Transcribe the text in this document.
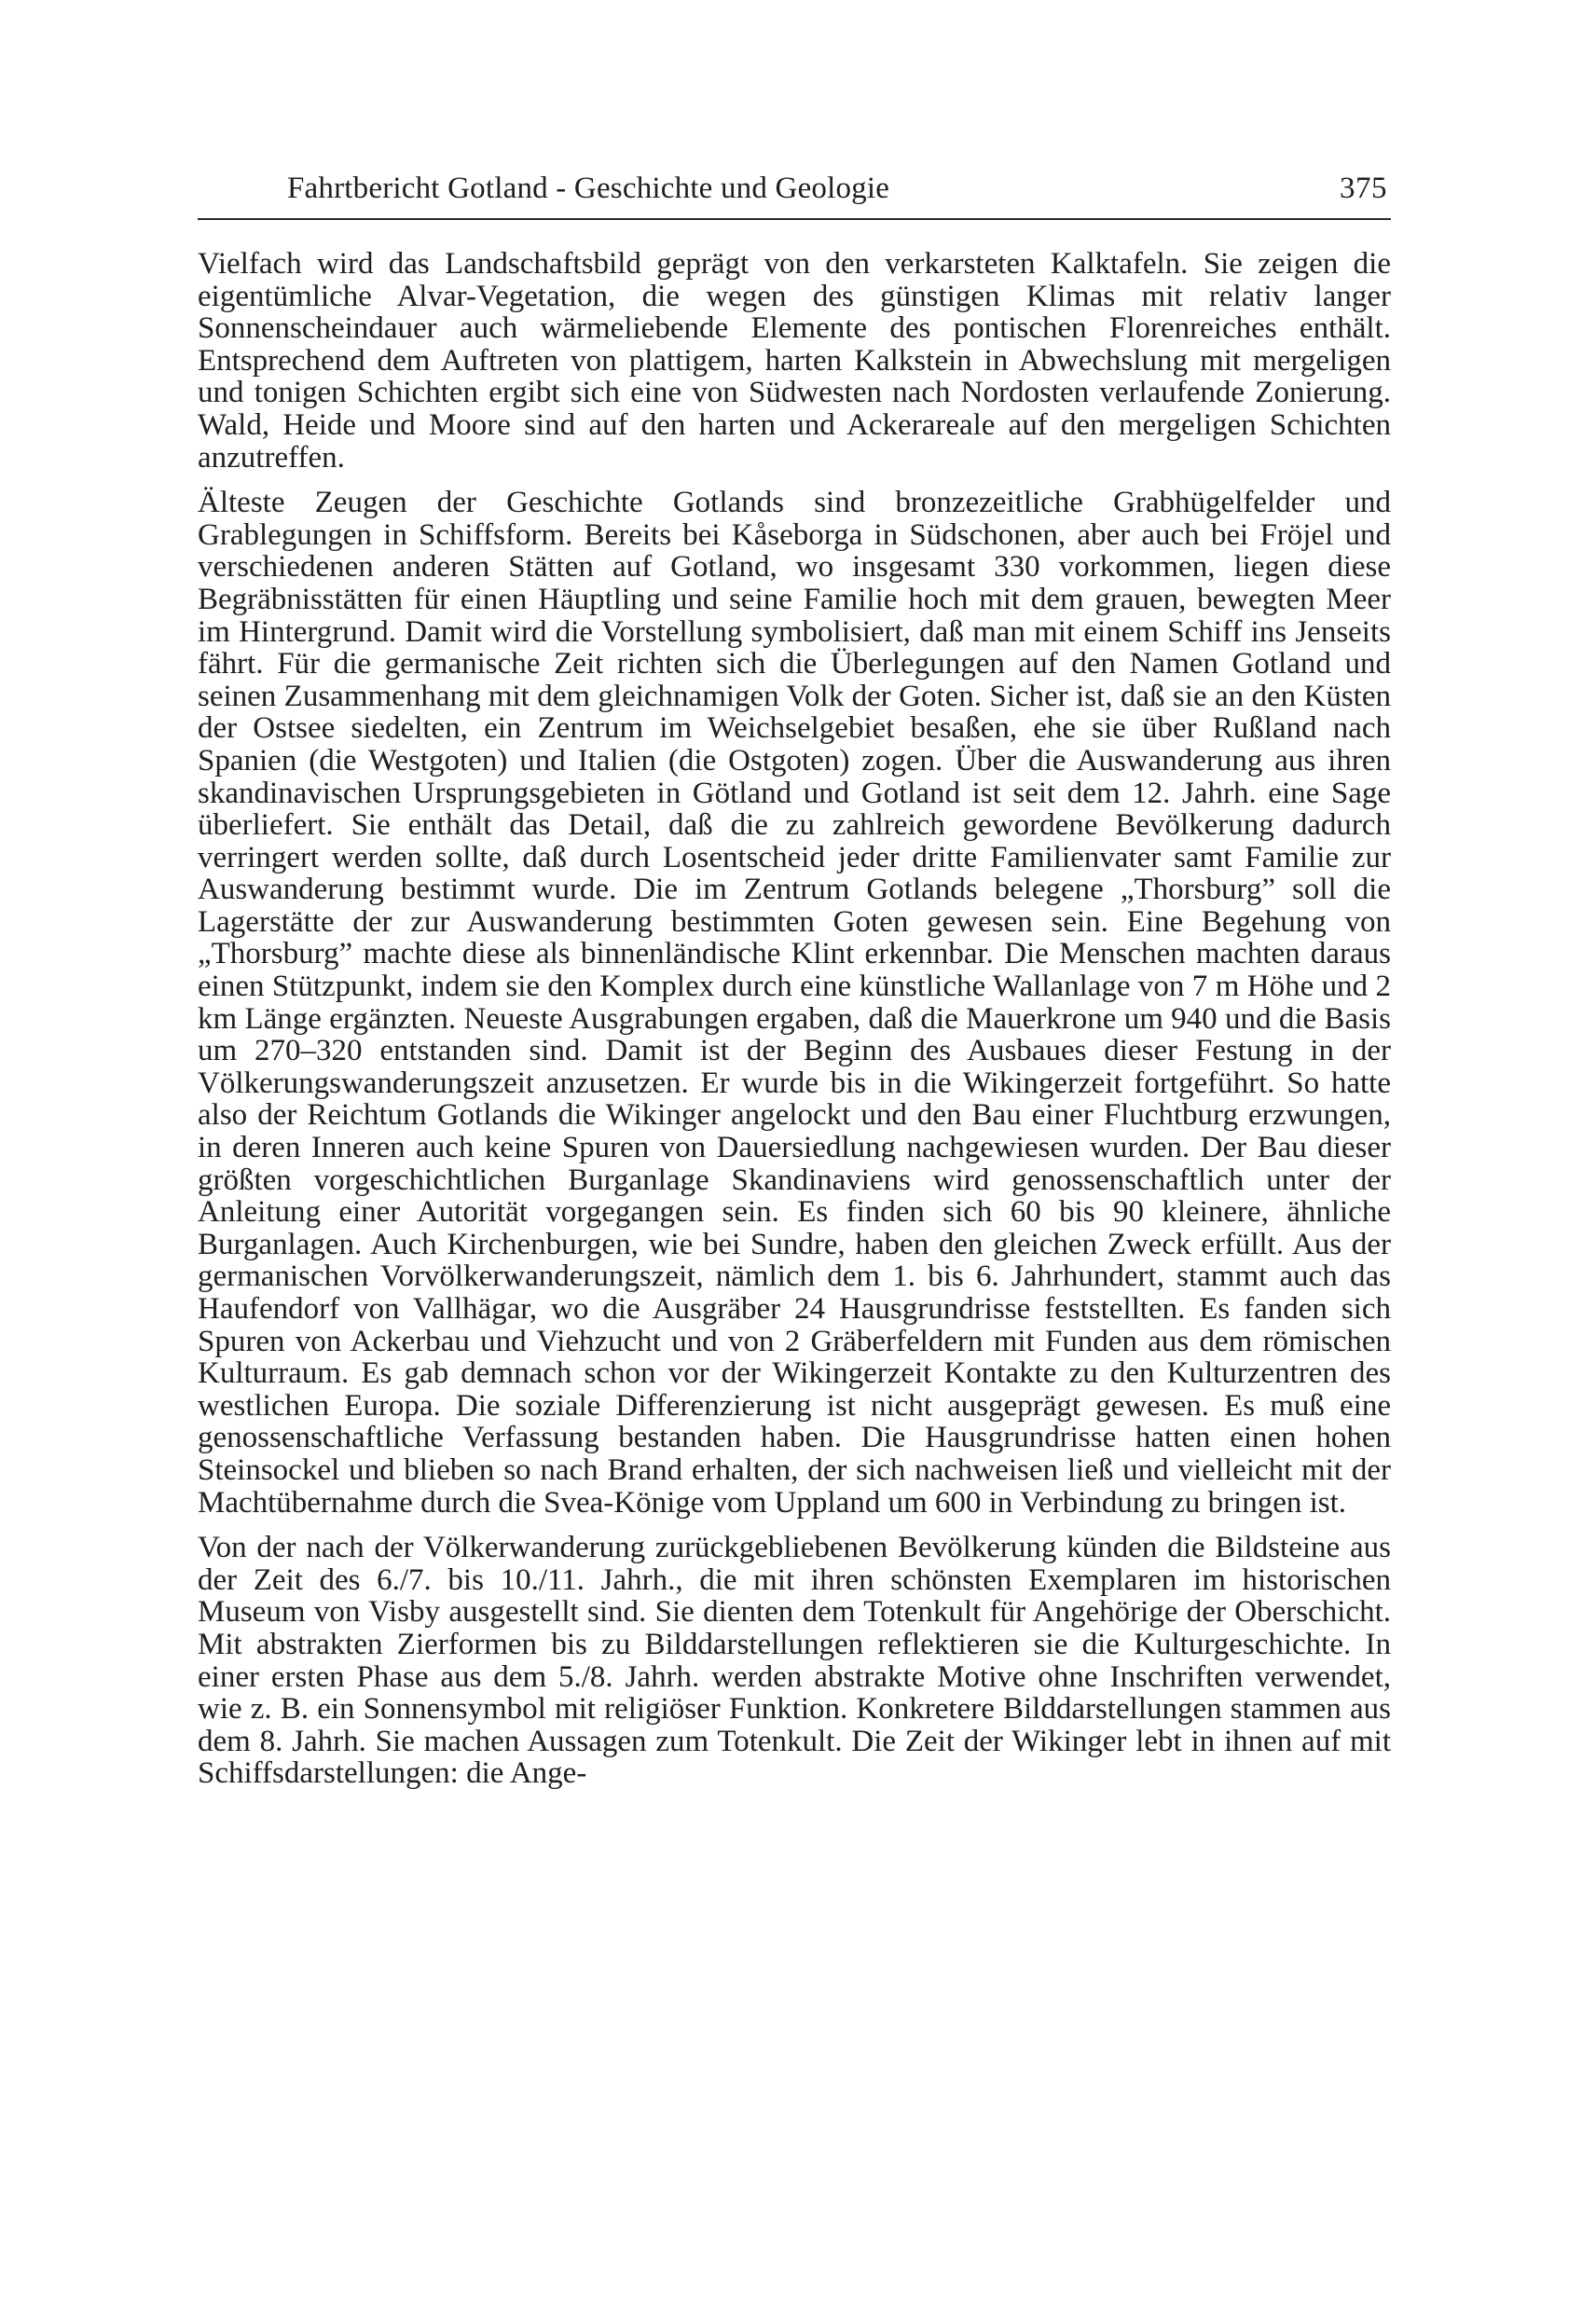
Fahrtbericht Gotland - Geschichte und Geologie	375

Vielfach wird das Landschaftsbild geprägt von den verkarsteten Kalktafeln. Sie zeigen die eigentümliche Alvar-Vegetation, die wegen des günstigen Klimas mit relativ langer Sonnenscheindauer auch wärmeliebende Elemente des pontischen Florenreiches enthält. Entsprechend dem Auftreten von plattigem, harten Kalkstein in Abwechslung mit mergeligen und tonigen Schichten ergibt sich eine von Südwesten nach Nordosten verlaufende Zonierung. Wald, Heide und Moore sind auf den harten und Ackerareale auf den mergeligen Schichten anzutreffen.

Älteste Zeugen der Geschichte Gotlands sind bronzezeitliche Grabhügelfelder und Grablegungen in Schiffsform. Bereits bei Kåseborga in Südschonen, aber auch bei Fröjel und verschiedenen anderen Stätten auf Gotland, wo insgesamt 330 vorkommen, liegen diese Begräbnisstätten für einen Häuptling und seine Familie hoch mit dem grauen, bewegten Meer im Hintergrund. Damit wird die Vorstellung symbolisiert, daß man mit einem Schiff ins Jenseits fährt. Für die germanische Zeit richten sich die Überlegungen auf den Namen Gotland und seinen Zusammenhang mit dem gleichnamigen Volk der Goten. Sicher ist, daß sie an den Küsten der Ostsee siedelten, ein Zentrum im Weichselgebiet besaßen, ehe sie über Rußland nach Spanien (die Westgoten) und Italien (die Ostgoten) zogen. Über die Auswanderung aus ihren skandinavischen Ursprungsgebieten in Götland und Gotland ist seit dem 12. Jahrh. eine Sage überliefert. Sie enthält das Detail, daß die zu zahlreich gewordene Bevölkerung dadurch verringert werden sollte, daß durch Losentscheid jeder dritte Familienvater samt Familie zur Auswanderung bestimmt wurde. Die im Zentrum Gotlands belegene „Thorsburg” soll die Lagerstätte der zur Auswanderung bestimmten Goten gewesen sein. Eine Begehung von „Thorsburg” machte diese als binnenländische Klint erkennbar. Die Menschen machten daraus einen Stützpunkt, indem sie den Komplex durch eine künstliche Wallanlage von 7 m Höhe und 2 km Länge ergänzten. Neueste Ausgrabungen ergaben, daß die Mauerkrone um 940 und die Basis um 270–320 entstanden sind. Damit ist der Beginn des Ausbaues dieser Festung in der Völkerungswanderungszeit anzusetzen. Er wurde bis in die Wikingerzeit fortgeführt. So hatte also der Reichtum Gotlands die Wikinger angelockt und den Bau einer Fluchtburg erzwungen, in deren Inneren auch keine Spuren von Dauersiedlung nachgewiesen wurden. Der Bau dieser größten vorgeschichtlichen Burganlage Skandinaviens wird genossenschaftlich unter der Anleitung einer Autorität vorgegangen sein. Es finden sich 60 bis 90 kleinere, ähnliche Burganlagen. Auch Kirchenburgen, wie bei Sundre, haben den gleichen Zweck erfüllt. Aus der germanischen Vorvölkerwanderungszeit, nämlich dem 1. bis 6. Jahrhundert, stammt auch das Haufendorf von Vallhägar, wo die Ausgräber 24 Hausgrundrisse feststellten. Es fanden sich Spuren von Ackerbau und Viehzucht und von 2 Gräberfeldern mit Funden aus dem römischen Kulturraum. Es gab demnach schon vor der Wikingerzeit Kontakte zu den Kulturzentren des westlichen Europa. Die soziale Differenzierung ist nicht ausgeprägt gewesen. Es muß eine genossenschaftliche Verfassung bestanden haben. Die Hausgrundrisse hatten einen hohen Steinsockel und blieben so nach Brand erhalten, der sich nachweisen ließ und vielleicht mit der Machtübernahme durch die Svea-Könige vom Uppland um 600 in Verbindung zu bringen ist.

Von der nach der Völkerwanderung zurückgebliebenen Bevölkerung künden die Bildsteine aus der Zeit des 6./7. bis 10./11. Jahrh., die mit ihren schönsten Exemplaren im historischen Museum von Visby ausgestellt sind. Sie dienten dem Totenkult für Angehörige der Oberschicht. Mit abstrakten Zierformen bis zu Bilddarstellungen reflektieren sie die Kulturgeschichte. In einer ersten Phase aus dem 5./8. Jahrh. werden abstrakte Motive ohne Inschriften verwendet, wie z. B. ein Sonnensymbol mit religiöser Funktion. Konkretere Bilddarstellungen stammen aus dem 8. Jahrh. Sie machen Aussagen zum Totenkult. Die Zeit der Wikinger lebt in ihnen auf mit Schiffsdarstellungen: die Ange-
